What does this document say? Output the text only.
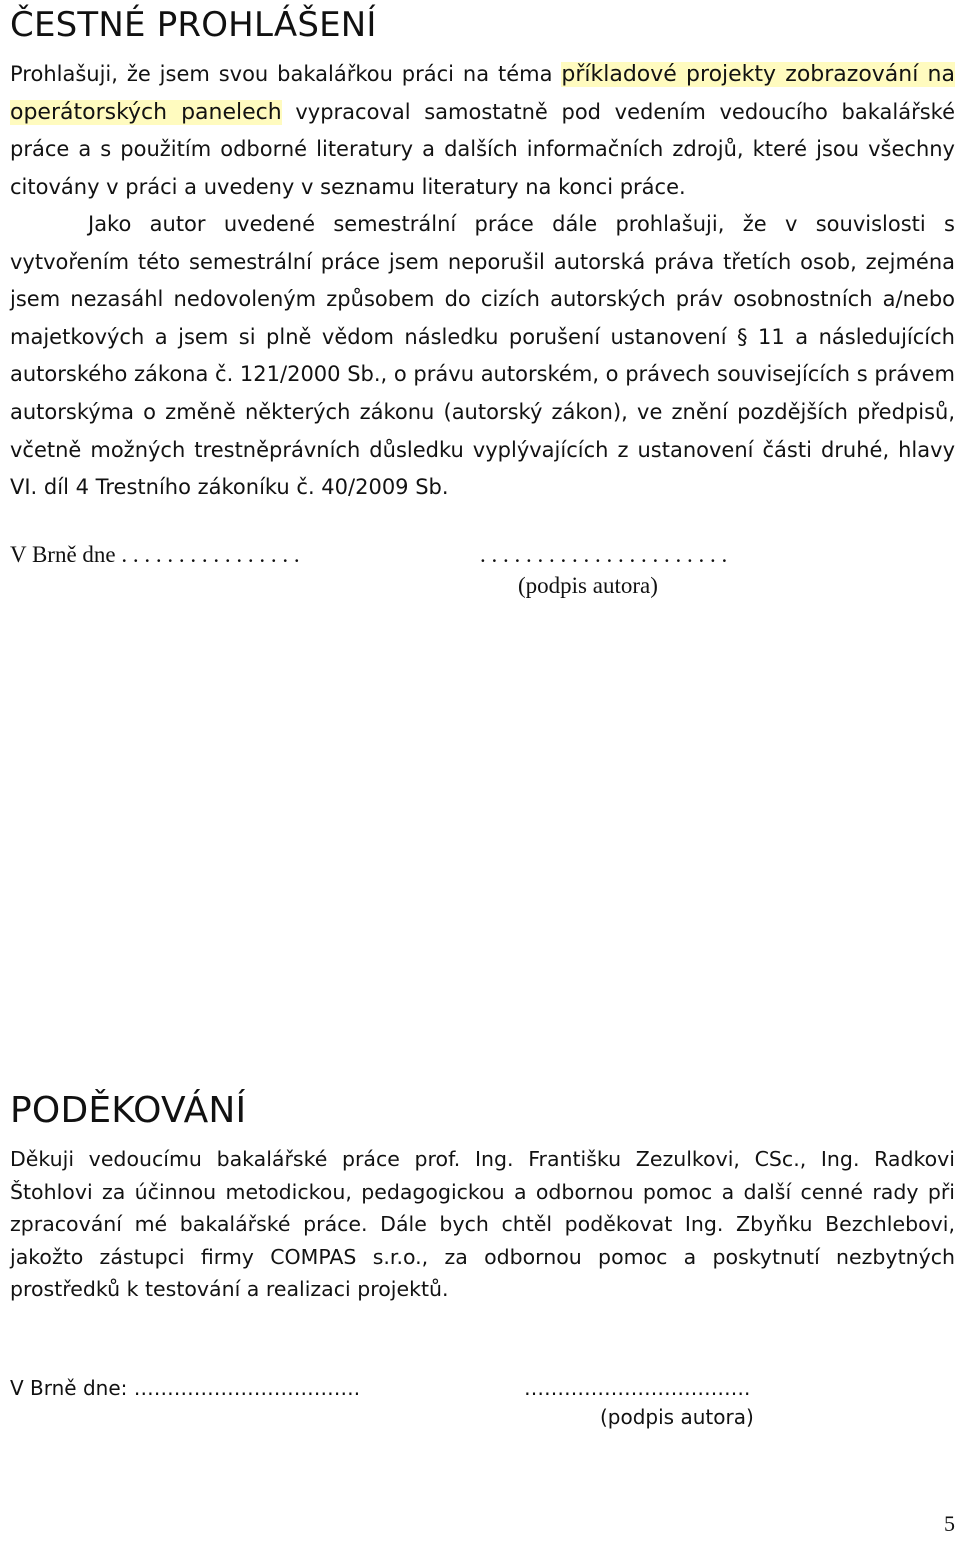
ČESTNÉ PROHLÁŠENÍ

Prohlašuji, že jsem svou bakalářkou práci na téma příkladové projekty zobrazování na operátorských panelech vypracoval samostatně pod vedením vedoucího bakalářské práce a s použitím odborné literatury a dalších informačních zdrojů, které jsou všechny citovány v práci a uvedeny v seznamu literatury na konci práce.

Jako autor uvedené semestrální práce dále prohlašuji, že v souvislosti s vytvořením této semestrální práce jsem neporušil autorská práva třetích osob, zejména jsem nezasáhl nedovoleným způsobem do cizích autorských práv osobnostních a/nebo majetkových a jsem si plně vědom následku porušení ustanovení § 11 a následujících autorského zákona č. 121/2000 Sb., o právu autorském, o právech souvisejících s právem autorskýma o změně některých zákonu (autorský zákon), ve znění pozdějších předpisů, včetně možných trestněprávních důsledku vyplývajících z ustanovení části druhé, hlavy VI. díl 4 Trestního zákoníku č. 40/2009 Sb.

V Brně dne . . . . . . . . . . . . . . . .	. . . . . . . . . . . . . . . . . . . . . .

(podpis autora)

PODĚKOVÁNÍ

Děkuji vedoucímu bakalářské práce prof. Ing. Františku Zezulkovi, CSc., Ing. Radkovi Štohlovi za účinnou metodickou, pedagogickou a odbornou pomoc a další cenné rady při zpracování mé bakalářské práce. Dále bych chtěl poděkovat Ing. Zbyňku Bezchlebovi, jakožto zástupci firmy COMPAS s.r.o., za odbornou pomoc a poskytnutí nezbytných prostředků k testování a realizaci projektů.

V Brně dne: …………………………….	…………………………….

(podpis autora)

5
